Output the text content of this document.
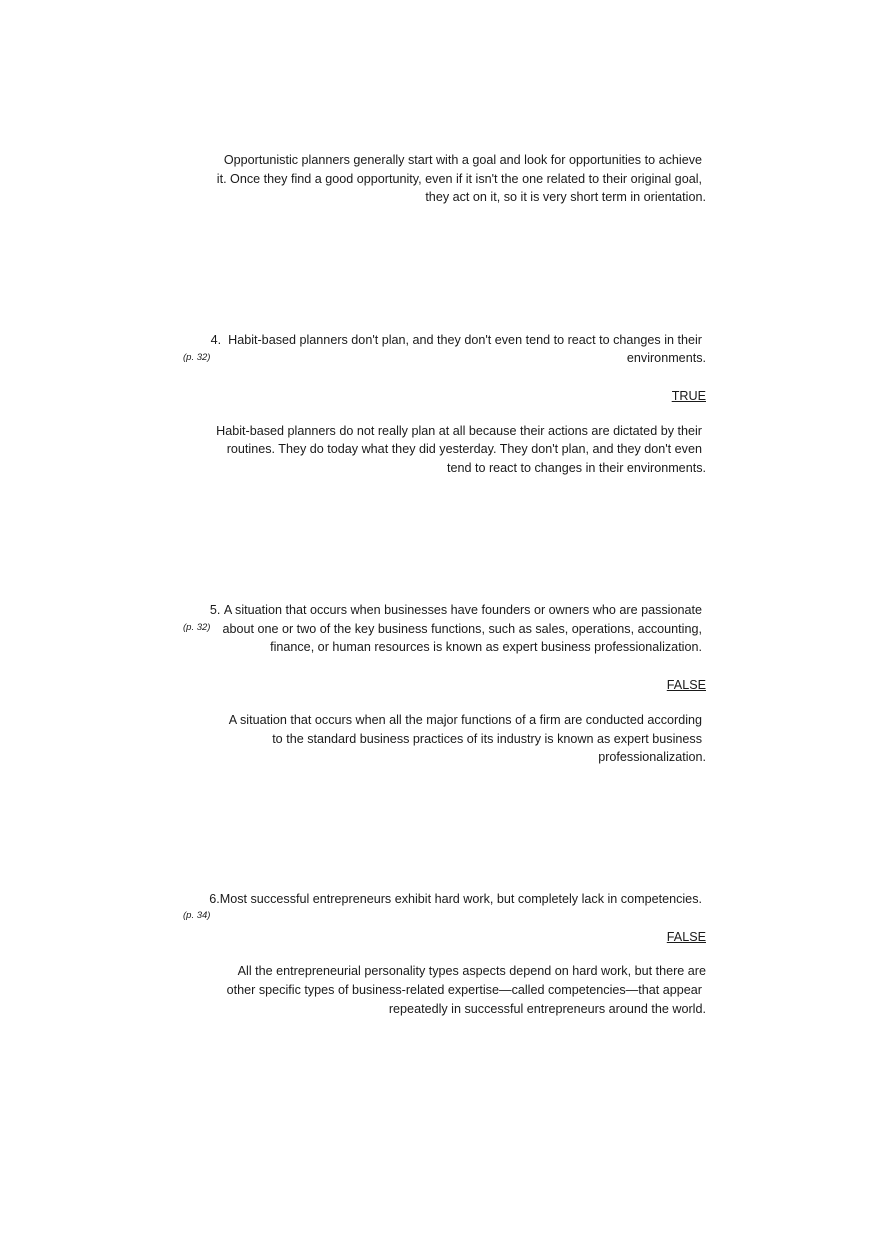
Opportunistic planners generally start with a goal and look for opportunities to achieve
it. Once they find a good opportunity, even if it isn't the one related to their original goal,
they act on it, so it is very short term in orientation.
4. Habit-based planners don't plan, and they don't even tend to react to changes in their
(p. 32)	environments.
TRUE
Habit-based planners do not really plan at all because their actions are dictated by their
routines. They do today what they did yesterday. They don't plan, and they don't even
tend to react to changes in their environments.
5. A situation that occurs when businesses have founders or owners who are passionate
(p. 32) about one or two of the key business functions, such as sales, operations, accounting,
finance, or human resources is known as expert business professionalization.
FALSE
A situation that occurs when all the major functions of a firm are conducted according
to the standard business practices of its industry is known as expert business
professionalization.
6.Most successful entrepreneurs exhibit hard work, but completely lack in competencies.
(p. 34)
FALSE
All the entrepreneurial personality types aspects depend on hard work, but there are
other specific types of business-related expertise—called competencies—that appear
repeatedly in successful entrepreneurs around the world.
